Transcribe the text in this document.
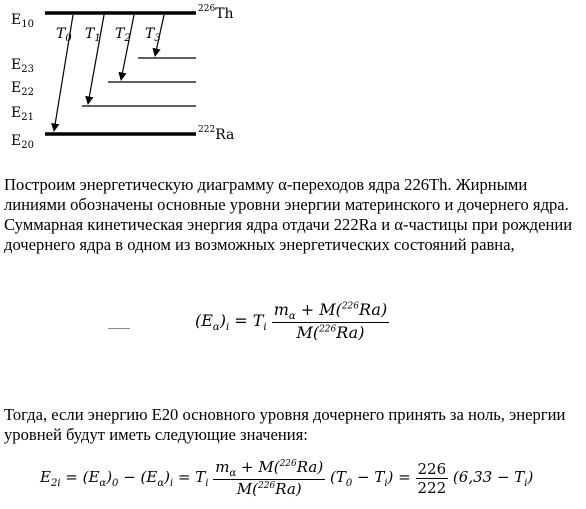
$E_{10}$
$E_{23}$
$E_{22}$
$E_{21}$
$E_{20}$
$^{226}$Th
$^{222}$Ra
$T_0$ $T_1$ $T_2$ $T_3$

Построим энергетическую диаграмму α-переходов ядра 226Th. Жирными линиями обозначены основные уровни энергии материнского и дочернего ядра. Суммарная кинетическая энергия ядра отдачи 222Ra и α-частицы при рождении дочернего ядра в одном из возможных энергетических состояний равна,

$(E_\alpha)_i = T_i \frac{m_\alpha + M(^{226}Ra)}{M(^{226}Ra)}$

Тогда, если энергию Е20 основного уровня дочернего принять за ноль, энергии уровней будут иметь следующие значения:

$E_{2i} = (E_\alpha)_0 - (E_\alpha)_i = T_i \frac{m_\alpha + M(^{226}Ra)}{M(^{226}Ra)} (T_0 - T_i) = \frac{226}{222} (6,33 - T_i)$
